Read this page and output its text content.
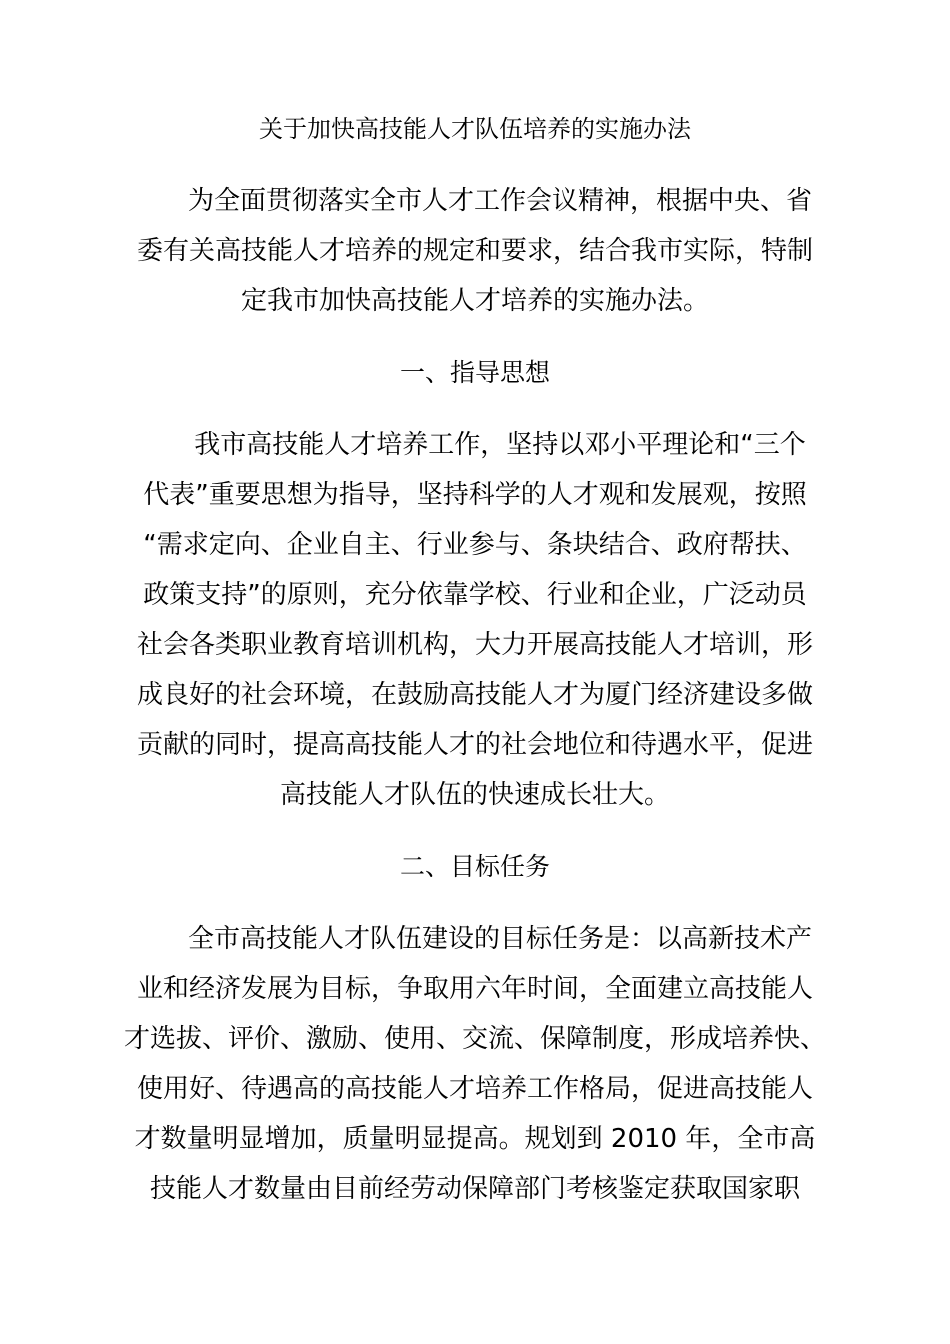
关于加快高技能人才队伍培养的实施办法
为全面贯彻落实全市人才工作会议精神，根据中央、省
委有关高技能人才培养的规定和要求，结合我市实际，特制
定我市加快高技能人才培养的实施办法。
一、指导思想
我市高技能人才培养工作，坚持以邓小平理论和“三个
代表”重要思想为指导，坚持科学的人才观和发展观，按照
“需求定向、企业自主、行业参与、条块结合、政府帮扶、
政策支持”的原则，充分依靠学校、行业和企业，广泛动员
社会各类职业教育培训机构，大力开展高技能人才培训，形
成良好的社会环境，在鼓励高技能人才为厦门经济建设多做
贡献的同时，提高高技能人才的社会地位和待遇水平，促进
高技能人才队伍的快速成长壮大。
二、目标任务
全市高技能人才队伍建设的目标任务是：以高新技术产
业和经济发展为目标，争取用六年时间，全面建立高技能人
才选拔、评价、激励、使用、交流、保障制度，形成培养快、
使用好、待遇高的高技能人才培养工作格局，促进高技能人
才数量明显增加，质量明显提高。规划到 2010 年，全市高
技能人才数量由目前经劳动保障部门考核鉴定获取国家职
